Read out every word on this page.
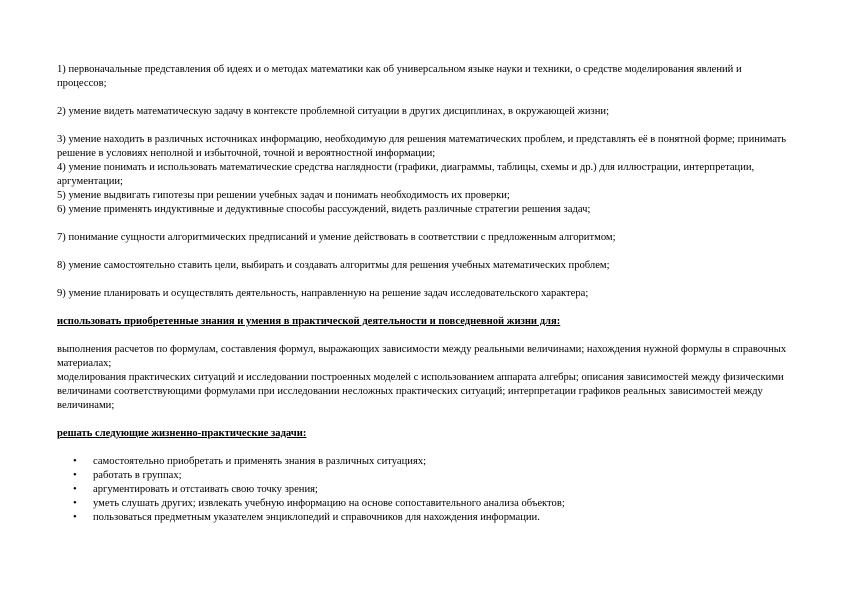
1) первоначальные представления об идеях и о методах математики как об универсальном языке науки и техники, о средстве моделирования явлений и процессов;

2) умение видеть математическую задачу в контексте проблемной ситуации в других дисциплинах, в окружающей жизни;

3) умение находить в различных источниках информацию, необходимую для решения математических проблем, и представлять её в понятной форме; принимать решение в условиях неполной и избыточной, точной и вероятностной информации;

4) умение понимать и использовать математические средства наглядности (графики, диаграммы, таблицы, схемы и др.) для иллюстрации, интерпретации, аргументации;

5) умение выдвигать гипотезы при решении учебных задач и понимать необходимость их проверки;

6) умение применять индуктивные и дедуктивные способы рассуждений, видеть различные стратегии решения задач;

7) понимание сущности алгоритмических предписаний и умение действовать в соответствии с предложенным алгоритмом;

8) умение самостоятельно ставить цели, выбирать и создавать алгоритмы для решения учебных математических проблем;

9) умение планировать и осуществлять деятельность, направленную на решение задач исследовательского характера;

использовать приобретенные знания и умения в практической деятельности и повседневной жизни для:

выполнения расчетов по формулам, составления формул, выражающих зависимости между реальными величинами; нахождения нужной формулы в справочных материалах;

моделирования практических ситуаций и исследовании построенных моделей с использованием аппарата алгебры; описания зависимостей между физическими величинами соответствующими формулами при исследовании несложных практических ситуаций; интерпретации графиков реальных зависимостей между величинами;

решать следующие жизненно-практические задачи:

• самостоятельно приобретать и применять знания в различных ситуациях;
• работать в группах;
• аргументировать и отстаивать свою точку зрения;
• уметь слушать других; извлекать учебную информацию на основе сопоставительного анализа объектов;
• пользоваться предметным указателем энциклопедий и справочников для нахождения информации.
